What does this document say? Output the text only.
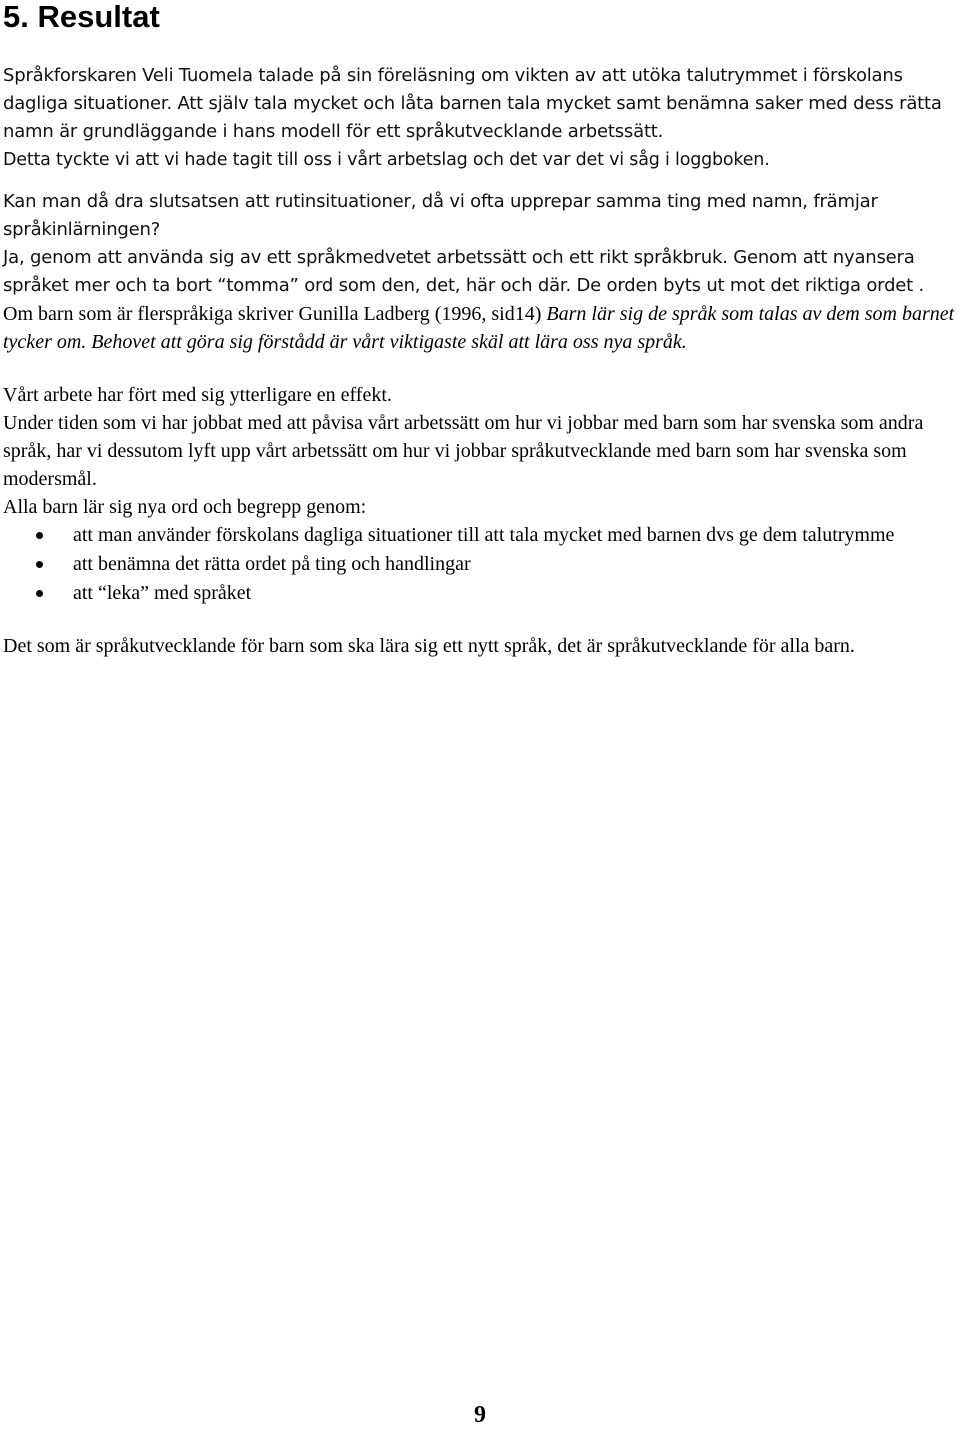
5. Resultat

Språkforskaren Veli Tuomela talade på sin föreläsning om vikten av att utöka talutrymmet i förskolans dagliga situationer. Att själv tala mycket och låta barnen tala mycket samt benämna saker med dess rätta namn är grundläggande i hans modell för ett språkutvecklande arbetssätt.

Detta tyckte vi att vi hade tagit till oss i vårt arbetslag och det var det vi såg i loggboken.

Kan man då dra slutsatsen att rutinsituationer, då vi ofta upprepar samma ting med namn, främjar språkinlärningen?

Ja, genom att använda sig av ett språkmedvetet arbetssätt och ett rikt språkbruk. Genom att nyansera språket mer och ta bort “tomma” ord som den, det, här och där. De orden byts ut mot det riktiga ordet .

Om barn som är flerspråkiga skriver Gunilla Ladberg (1996, sid14) Barn lär sig de språk som talas av dem som barnet tycker om. Behovet att göra sig förstådd är vårt viktigaste skäl att lära oss nya språk.

Vårt arbete har fört med sig ytterligare en effekt.

Under tiden som vi har jobbat med att påvisa vårt arbetssätt om hur vi jobbar med barn som har svenska som andra språk, har vi dessutom lyft upp vårt arbetssätt om hur vi jobbar språkutvecklande med barn som har svenska som modersmål.

Alla barn lär sig nya ord och begrepp genom:

att man använder förskolans dagliga situationer till att tala mycket med barnen dvs ge dem talutrymme
att benämna det rätta ordet på ting och handlingar
att “leka” med språket

Det som är språkutvecklande för barn som ska lära sig ett nytt språk, det är språkutvecklande för alla barn.

9
